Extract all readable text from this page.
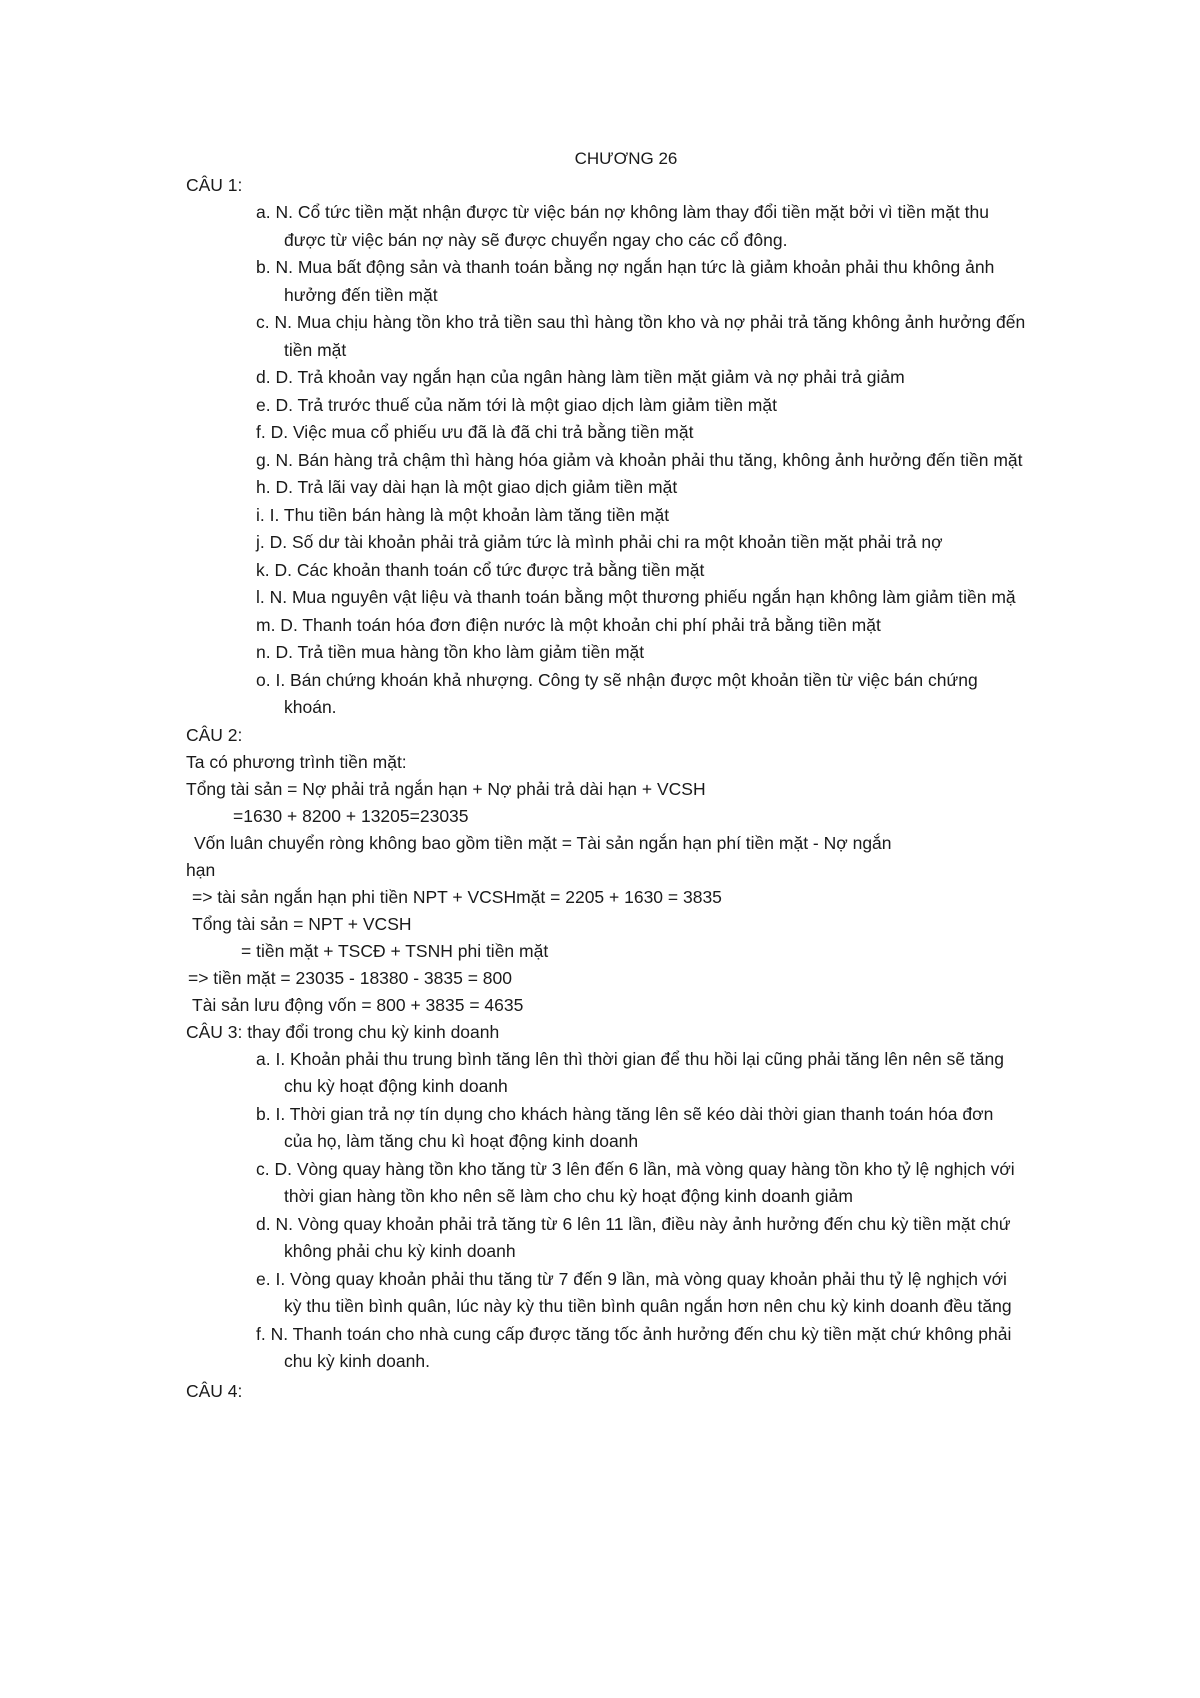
CHƯƠNG 26
CÂU 1:
a. N. Cổ tức tiền mặt nhận được từ việc bán nợ không làm thay đổi tiền mặt bởi vì tiền mặt thu được từ việc bán nợ này sẽ được chuyển ngay cho các cổ đông.
b. N. Mua bất động sản và thanh toán bằng nợ ngắn hạn tức là giảm khoản phải thu không ảnh hưởng đến tiền mặt
c. N. Mua chịu hàng tồn kho trả tiền sau thì hàng tồn kho và nợ phải trả tăng không ảnh hưởng đến tiền mặt
d. D. Trả khoản vay ngắn hạn của ngân hàng làm tiền mặt giảm và nợ phải trả giảm
e. D. Trả trước thuế của năm tới là một giao dịch làm giảm tiền mặt
f. D. Việc mua cổ phiếu ưu đã là đã chi trả bằng tiền mặt
g. N. Bán hàng trả chậm thì hàng hóa giảm và khoản phải thu tăng, không ảnh hưởng đến tiền mặt
h. D. Trả lãi vay dài hạn là một giao dịch giảm tiền mặt
i. I. Thu tiền bán hàng là một khoản làm tăng tiền mặt
j. D. Số dư tài khoản phải trả giảm tức là mình phải chi ra một khoản tiền mặt phải trả nợ
k. D. Các khoản thanh toán cổ tức được trả bằng tiền mặt
l. N. Mua nguyên vật liệu và thanh toán bằng một thương phiếu ngắn hạn không làm giảm tiền mặ
m. D. Thanh toán hóa đơn điện nước là một khoản chi phí phải trả bằng tiền mặt
n. D. Trả tiền mua hàng tồn kho làm giảm tiền mặt
o. I. Bán chứng khoán khả nhượng. Công ty sẽ nhận được một khoản tiền từ việc bán chứng khoán.
CÂU 2:
Ta có phương trình tiền mặt:
Tổng tài sản = Nợ phải trả ngắn hạn + Nợ phải trả dài hạn + VCSH
=1630 + 8200 + 13205=23035
Vốn luân chuyển ròng không bao gồm tiền mặt = Tài sản ngắn hạn phí tiền mặt - Nợ ngắn
hạn
=> tài sản ngắn hạn phi tiền NPT + VCSHmặt = 2205 + 1630 = 3835
Tổng tài sản = NPT + VCSH
= tiền mặt + TSCĐ + TSNH phi tiền mặt
=> tiền mặt = 23035 - 18380 - 3835 = 800
Tài sản lưu động vốn = 800 + 3835 = 4635
CÂU 3: thay đổi trong chu kỳ kinh doanh
a. I. Khoản phải thu trung bình tăng lên thì thời gian để thu hồi lại cũng phải tăng lên nên sẽ tăng chu kỳ hoạt động kinh doanh
b. I. Thời gian trả nợ tín dụng cho khách hàng tăng lên sẽ kéo dài thời gian thanh toán hóa đơn của họ, làm tăng chu kì hoạt động kinh doanh
c. D. Vòng quay hàng tồn kho tăng từ 3 lên đến 6 lần, mà vòng quay hàng tồn kho tỷ lệ nghịch với thời gian hàng tồn kho nên sẽ làm cho chu kỳ hoạt động kinh doanh giảm
d. N. Vòng quay khoản phải trả tăng từ 6 lên 11 lần, điều này ảnh hưởng đến chu kỳ tiền mặt chứ không phải chu kỳ kinh doanh
e. I. Vòng quay khoản phải thu tăng từ 7 đến 9 lần, mà vòng quay khoản phải thu tỷ lệ nghịch với kỳ thu tiền bình quân, lúc này kỳ thu tiền bình quân ngắn hơn nên chu kỳ kinh doanh đều tăng
f. N. Thanh toán cho nhà cung cấp được tăng tốc ảnh hưởng đến chu kỳ tiền mặt chứ không phải chu kỳ kinh doanh.
CÂU 4:
